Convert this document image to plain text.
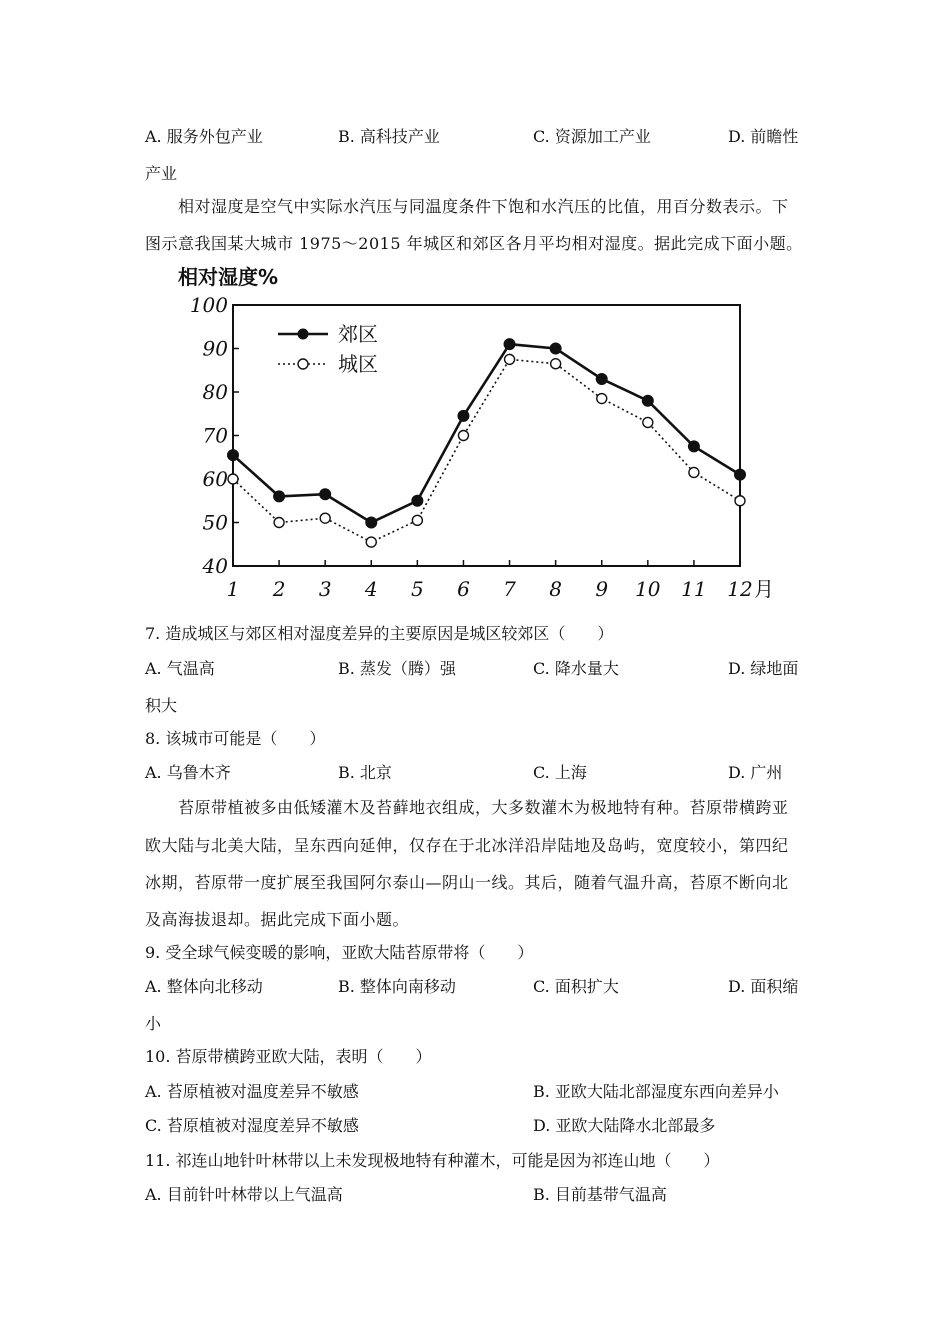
A. 服务外包产业	B. 高科技产业	C. 资源加工产业	D. 前瞻性
产业
相对湿度是空气中实际水汽压与同温度条件下饱和水汽压的比值，用百分数表示。下
图示意我国某大城市 1975～2015 年城区和郊区各月平均相对湿度。据此完成下面小题。
相对湿度%
40
50
60
70
80
90
100
1 2 3 4 5 6 7 8 9 10 11 12 月
郊区
城区
7. 造成城区与郊区相对湿度差异的主要原因是城区较郊区（　　）
A. 气温高	B. 蒸发（腾）强	C. 降水量大	D. 绿地面
积大
8. 该城市可能是（　　）
A. 乌鲁木齐	B. 北京	C. 上海	D. 广州
苔原带植被多由低矮灌木及苔藓地衣组成，大多数灌木为极地特有种。苔原带横跨亚
欧大陆与北美大陆，呈东西向延伸，仅存在于北冰洋沿岸陆地及岛屿，宽度较小，第四纪
冰期，苔原带一度扩展至我国阿尔泰山—阴山一线。其后，随着气温升高，苔原不断向北
及高海拔退却。据此完成下面小题。
9. 受全球气候变暖的影响，亚欧大陆苔原带将（　　）
A. 整体向北移动	B. 整体向南移动	C. 面积扩大	D. 面积缩
小
10. 苔原带横跨亚欧大陆，表明（　　）
A. 苔原植被对温度差异不敏感	B. 亚欧大陆北部湿度东西向差异小
C. 苔原植被对湿度差异不敏感	D. 亚欧大陆降水北部最多
11. 祁连山地针叶林带以上未发现极地特有种灌木，可能是因为祁连山地（　　）
A. 目前针叶林带以上气温高	B. 目前基带气温高
